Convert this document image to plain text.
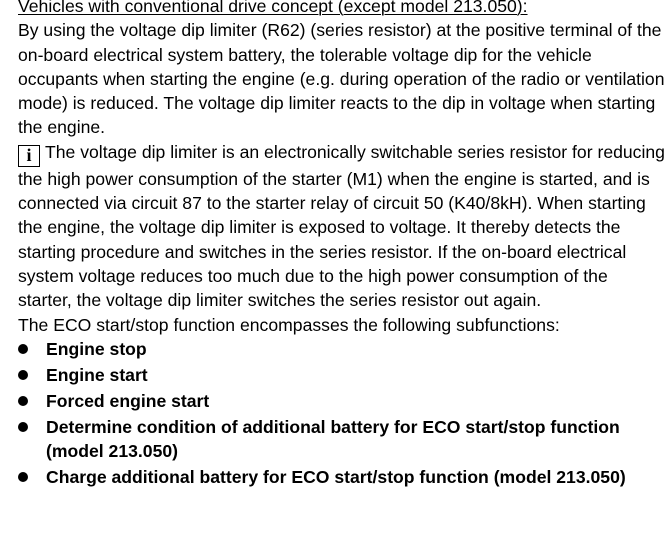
Vehicles with conventional drive concept (except model 213.050):

By using the voltage dip limiter (R62) (series resistor) at the positive terminal of the on-board electrical system battery, the tolerable voltage dip for the vehicle occupants when starting the engine (e.g. during operation of the radio or ventilation mode) is reduced. The voltage dip limiter reacts to the dip in voltage when starting the engine.

i The voltage dip limiter is an electronically switchable series resistor for reducing the high power consumption of the starter (M1) when the engine is started, and is connected via circuit 87 to the starter relay of circuit 50 (K40/8kH). When starting the engine, the voltage dip limiter is exposed to voltage. It thereby detects the starting procedure and switches in the series resistor. If the on-board electrical system voltage reduces too much due to the high power consumption of the starter, the voltage dip limiter switches the series resistor out again.

The ECO start/stop function encompasses the following subfunctions:

Engine stop
Engine start
Forced engine start
Determine condition of additional battery for ECO start/stop function (model 213.050)
Charge additional battery for ECO start/stop function (model 213.050)
